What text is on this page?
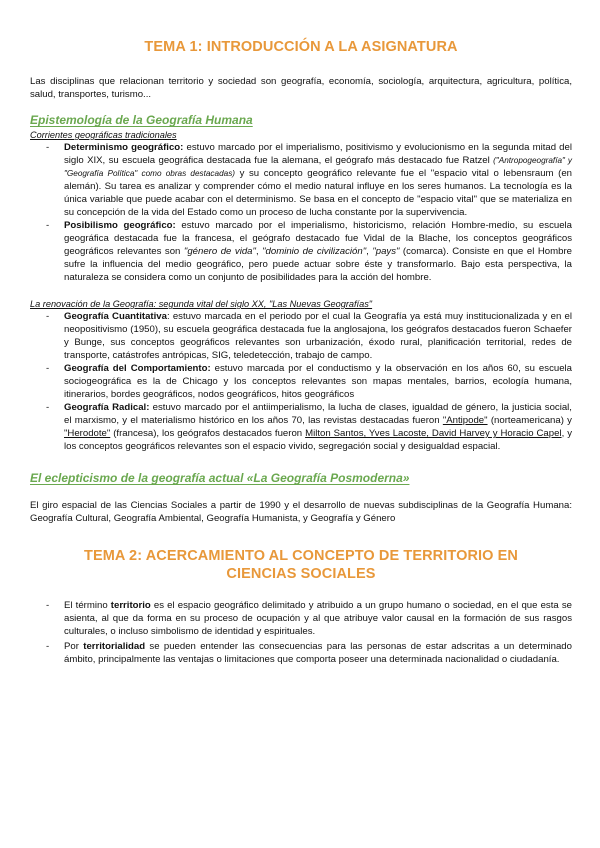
TEMA 1: INTRODUCCIÓN A LA ASIGNATURA

Las disciplinas que relacionan territorio y sociedad son geografía, economía, sociología, arquitectura, agricultura, política, salud, transportes, turismo...

Epistemología de la Geografía Humana
Corrientes geográficas tradicionales
- Determinismo geográfico: estuvo marcado por el imperialismo, positivismo y evolucionismo en la segunda mitad del siglo XIX, su escuela geográfica destacada fue la alemana, el geógrafo más destacado fue Ratzel ("Antropogeografía" y "Geografía Política" como obras destacadas) y su concepto geográfico relevante fue el "espacio vital o lebensraum (en alemán). Su tarea es analizar y comprender cómo el medio natural influye en los seres humanos. La tecnología es la única variable que puede acabar con el determinismo. Se basa en el concepto de "espacio vital" que se materializa en su concepción de la vida del Estado como un proceso de lucha constante por la supervivencia.
- Posibilismo geográfico: estuvo marcado por el imperialismo, historicismo, relación Hombre-medio, su escuela geográfica destacada fue la francesa, el geógrafo destacado fue Vidal de la Blache, los conceptos geográficos geográficos relevantes son "género de vida", "dominio de civilización", "pays" (comarca). Consiste en que el Hombre sufre la influencia del medio geográfico, pero puede actuar sobre éste y transformarlo. Bajo esta perspectiva, la naturaleza se considera como un conjunto de posibilidades para la acción del hombre.
La renovación de la Geografía: segunda vital del siglo XX, "Las Nuevas Geografías"
- Geografía Cuantitativa: estuvo marcada en el periodo por el cual la Geografía ya está muy institucionalizada y en el neopositivismo (1950), su escuela geográfica destacada fue la anglosajona, los geógrafos destacados fueron Schaefer y Bunge, sus conceptos geográficos relevantes son urbanización, éxodo rural, planificación territorial, redes de transporte, catástrofes antrópicas, SIG, teledetección, trabajo de campo.
- Geografía del Comportamiento: estuvo marcada por el conductismo y la observación en los años 60, su escuela sociogeográfica es la de Chicago y los conceptos relevantes son mapas mentales, barrios, ecología humana, itinerarios, bordes geográficos, nodos geográficos, hitos geográficos
- Geografía Radical: estuvo marcado por el antiimperialismo, la lucha de clases, igualdad de género, la justicia social, el marxismo, y el materialismo histórico en los años 70, las revistas destacadas fueron "Antipode" (norteamericana) y "Herodote" (francesa), los geógrafos destacados fueron Milton Santos, Yves Lacoste, David Harvey y Horacio Capel, y los conceptos geográficos relevantes son el espacio vivido, segregación social y desigualdad espacial.
El eclepticismo de la geografía actual «La Geografía Posmoderna»

El giro espacial de las Ciencias Sociales a partir de 1990 y el desarrollo de nuevas subdisciplinas de la Geografía Humana: Geografía Cultural, Geografía Ambiental, Geografía Humanista, y Geografía y Género

TEMA 2: ACERCAMIENTO AL CONCEPTO DE TERRITORIO EN CIENCIAS SOCIALES
- El término territorio es el espacio geográfico delimitado y atribuido a un grupo humano o sociedad, en el que esta se asienta, al que da forma en su proceso de ocupación y al que atribuye valor causal en la formación de sus rasgos culturales, o incluso simbolismo de identidad y espirituales.
- Por territorialidad se pueden entender las consecuencias para las personas de estar adscritas a un determinado ámbito, principalmente las ventajas o limitaciones que comporta poseer una determinada nacionalidad o ciudadanía.
